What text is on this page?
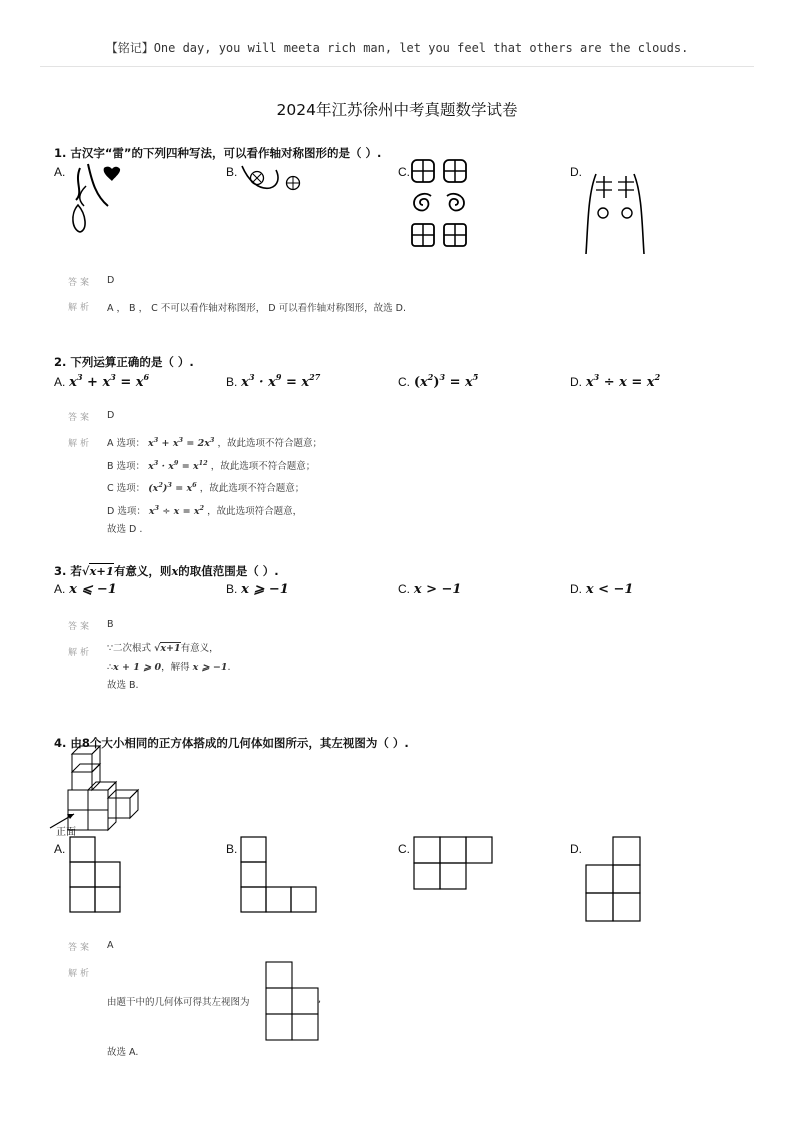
【铭记】One day, you will meeta rich man, let you feel that others are the clouds.
2024年江苏徐州中考真题数学试卷
1. 古汉字“雷”的下列四种写法，可以看作轴对称图形的是（ ）.
A.	B.	C.	D.
答案 D
解析 A ， B ， C 不可以看作轴对称图形， D 可以看作轴对称图形，故选 D.
2. 下列运算正确的是（ ）.
A. $x^3 + x^3 = x^6$	B. $x^3 \cdot x^9 = x^{27}$	C. $(x^2)^3 = x^5$	D. $x^3 \div x = x^2$
答案 D
解析 A 选项： $x^3 + x^3 = 2x^3$ ，故此选项不符合题意；
B 选项： $x^3 \cdot x^9 = x^{12}$ ，故此选项不符合题意；
C 选项： $(x^2)^3 = x^6$ ，故此选项不符合题意；
D 选项： $x^3 \div x = x^2$ ，故此选项符合题意，
故选 D .
3. 若√x+1有意义，则x的取值范围是（ ）.
A. x ⩽ −1	B. x ⩾ −1	C. x > −1	D. x < −1
答案 B
解析 ∵二次根式 √x+1有意义，
∴x + 1 ⩾ 0，解得 x ⩾ −1.
故选 B.
4. 由8个大小相同的正方体搭成的几何体如图所示，其左视图为（ ）.
正面
A.	B.	C.	D.
答案 A
解析
由题干中的几何体可得其左视图为	,
故选 A.
